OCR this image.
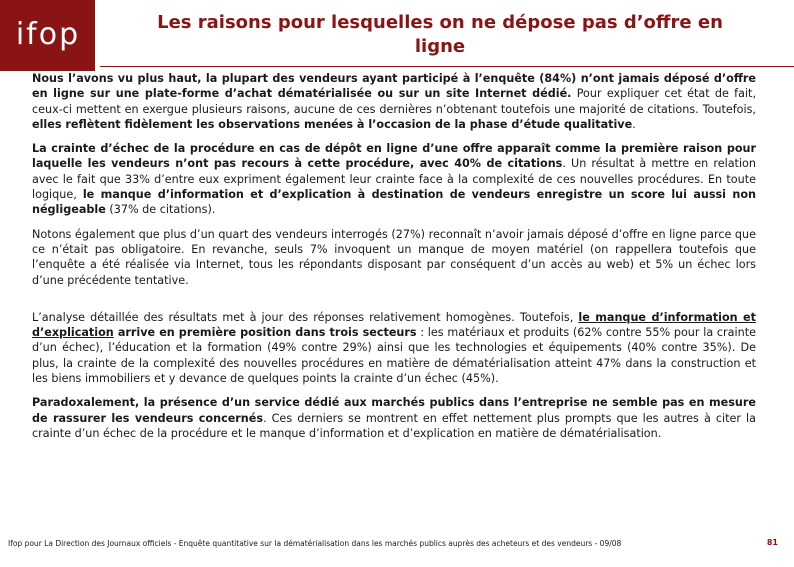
ifop	Les raisons pour lesquelles on ne dépose pas d’offre en ligne

Nous l’avons vu plus haut, la plupart des vendeurs ayant participé à l’enquête (84%) n’ont jamais déposé d’offre en ligne sur une plate-forme d’achat dématérialisée ou sur un site Internet dédié. Pour expliquer cet état de fait, ceux-ci mettent en exergue plusieurs raisons, aucune de ces dernières n’obtenant toutefois une majorité de citations. Toutefois, elles reflètent fidèlement les observations menées à l’occasion de la phase d’étude qualitative.

La crainte d’échec de la procédure en cas de dépôt en ligne d’une offre apparaît comme la première raison pour laquelle les vendeurs n’ont pas recours à cette procédure, avec 40% de citations. Un résultat à mettre en relation avec le fait que 33% d’entre eux expriment également leur crainte face à la complexité de ces nouvelles procédures. En toute logique, le manque d’information et d’explication à destination de vendeurs enregistre un score lui aussi non négligeable (37% de citations).

Notons également que plus d’un quart des vendeurs interrogés (27%) reconnaît n’avoir jamais déposé d’offre en ligne parce que ce n’était pas obligatoire. En revanche, seuls 7% invoquent un manque de moyen matériel (on rappellera toutefois que l’enquête a été réalisée via Internet, tous les répondants disposant par conséquent d’un accès au web) et 5% un échec lors d’une précédente tentative.

L’analyse détaillée des résultats met à jour des réponses relativement homogènes. Toutefois, le manque d’information et d’explication arrive en première position dans trois secteurs : les matériaux et produits (62% contre 55% pour la crainte d’un échec), l’éducation et la formation (49% contre 29%) ainsi que les technologies et équipements (40% contre 35%). De plus, la crainte de la complexité des nouvelles procédures en matière de dématérialisation atteint 47% dans la construction et les biens immobiliers et y devance de quelques points la crainte d’un échec (45%).

Paradoxalement, la présence d’un service dédié aux marchés publics dans l’entreprise ne semble pas en mesure de rassurer les vendeurs concernés. Ces derniers se montrent en effet nettement plus prompts que les autres à citer la crainte d’un échec de la procédure et le manque d’information et d’explication en matière de dématérialisation.

Ifop pour La Direction des Journaux officiels - Enquête quantitative sur la dématérialisation dans les marchés publics auprès des acheteurs et des vendeurs - 09/08	81
